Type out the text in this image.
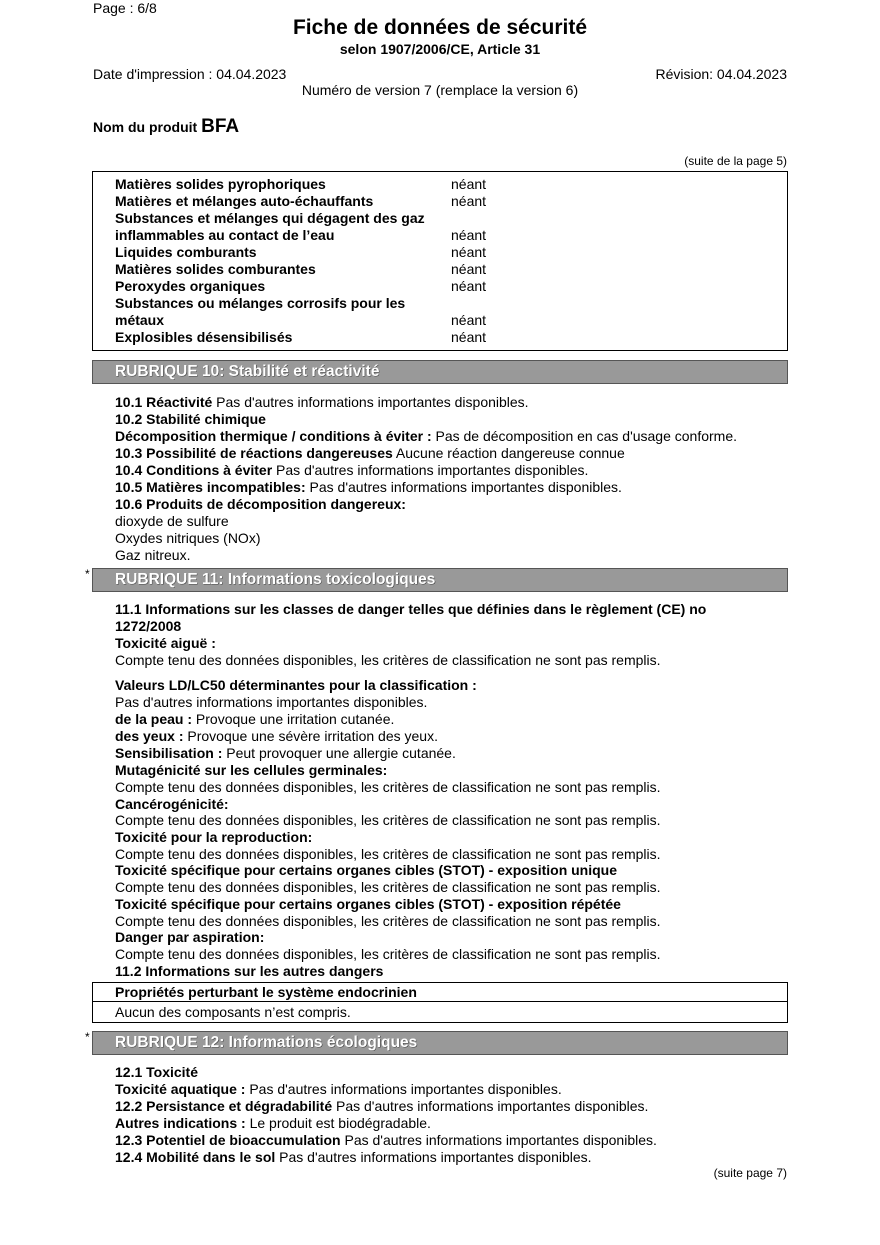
Page : 6/8
Fiche de données de sécurité
selon 1907/2006/CE, Article 31
Date d'impression : 04.04.2023	Révision: 04.04.2023
Numéro de version 7 (remplace la version 6)
Nom du produit BFA
(suite de la page 5)
Matières solides pyrophoriques	néant
Matières et mélanges auto-échauffants	néant
Substances et mélanges qui dégagent des gaz
inflammables au contact de l’eau	néant
Liquides comburants	néant
Matières solides comburantes	néant
Peroxydes organiques	néant
Substances ou mélanges corrosifs pour les
métaux	néant
Explosibles désensibilisés	néant
RUBRIQUE 10: Stabilité et réactivité
10.1 Réactivité Pas d'autres informations importantes disponibles.
10.2 Stabilité chimique
Décomposition thermique / conditions à éviter : Pas de décomposition en cas d'usage conforme.
10.3 Possibilité de réactions dangereuses Aucune réaction dangereuse connue
10.4 Conditions à éviter Pas d'autres informations importantes disponibles.
10.5 Matières incompatibles: Pas d'autres informations importantes disponibles.
10.6 Produits de décomposition dangereux:
dioxyde de sulfure
Oxydes nitriques (NOx)
Gaz nitreux.
* RUBRIQUE 11: Informations toxicologiques
11.1 Informations sur les classes de danger telles que définies dans le règlement (CE) no
1272/2008
Toxicité aiguë :
Compte tenu des données disponibles, les critères de classification ne sont pas remplis.
Valeurs LD/LC50 déterminantes pour la classification :
Pas d'autres informations importantes disponibles.
de la peau : Provoque une irritation cutanée.
des yeux : Provoque une sévère irritation des yeux.
Sensibilisation : Peut provoquer une allergie cutanée.
Mutagénicité sur les cellules germinales:
Compte tenu des données disponibles, les critères de classification ne sont pas remplis.
Cancérogénicité:
Compte tenu des données disponibles, les critères de classification ne sont pas remplis.
Toxicité pour la reproduction:
Compte tenu des données disponibles, les critères de classification ne sont pas remplis.
Toxicité spécifique pour certains organes cibles (STOT) - exposition unique
Compte tenu des données disponibles, les critères de classification ne sont pas remplis.
Toxicité spécifique pour certains organes cibles (STOT) - exposition répétée
Compte tenu des données disponibles, les critères de classification ne sont pas remplis.
Danger par aspiration:
Compte tenu des données disponibles, les critères de classification ne sont pas remplis.
11.2 Informations sur les autres dangers
Propriétés perturbant le système endocrinien
Aucun des composants n’est compris.
* RUBRIQUE 12: Informations écologiques
12.1 Toxicité
Toxicité aquatique : Pas d'autres informations importantes disponibles.
12.2 Persistance et dégradabilité Pas d'autres informations importantes disponibles.
Autres indications : Le produit est biodégradable.
12.3 Potentiel de bioaccumulation Pas d'autres informations importantes disponibles.
12.4 Mobilité dans le sol Pas d'autres informations importantes disponibles.
(suite page 7)
